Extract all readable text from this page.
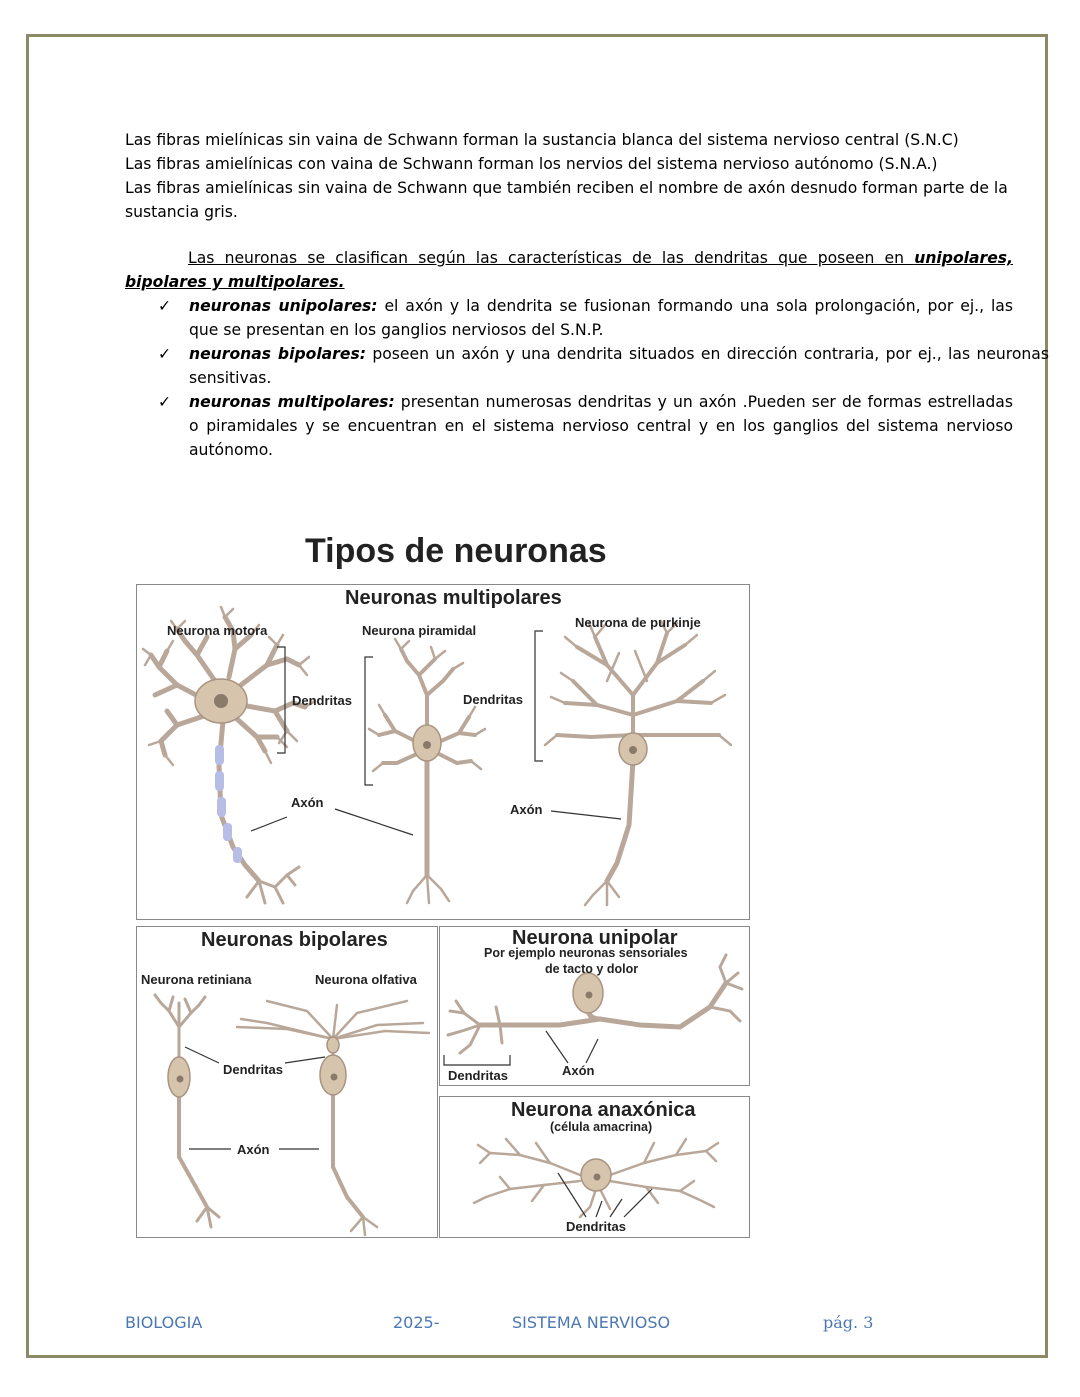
Las fibras mielínicas sin vaina de Schwann forman la sustancia blanca del sistema nervioso central (S.N.C)

Las fibras amielínicas con vaina de Schwann forman los nervios del sistema nervioso autónomo (S.N.A.)

Las fibras amielínicas sin vaina de Schwann que también reciben el nombre de axón desnudo forman parte de la sustancia gris.

Las neuronas se clasifican según las características de las dendritas que poseen en unipolares, bipolares y multipolares.

✓ neuronas unipolares: el axón y la dendrita se fusionan formando una sola prolongación, por ej., las que se presentan en los ganglios nerviosos del S.N.P.
✓ neuronas bipolares: poseen un axón y una dendrita situados en dirección contraria, por ej., las neuronas sensitivas.
✓ neuronas multipolares: presentan numerosas dendritas y un axón .Pueden ser de formas estrelladas o piramidales y se encuentran en el sistema nervioso central y en los ganglios del sistema nervioso autónomo.
Tipos de neuronas
Neuronas multipolares
Neurona motora	Neurona piramidal
Neurona de purkinje
Dendritas	Dendritas
Axón	Axón
Neuronas bipolares
Neurona retiniana	Neurona olfativa
Dendritas
Axón
Neurona unipolar
Por ejemplo neuronas sensoriales
de tacto y dolor
Dendritas	Axón
Neurona anaxónica
(célula amacrina)
Dendritas
BIOLOGIA	2025-	SISTEMA NERVIOSO	pág. 3
